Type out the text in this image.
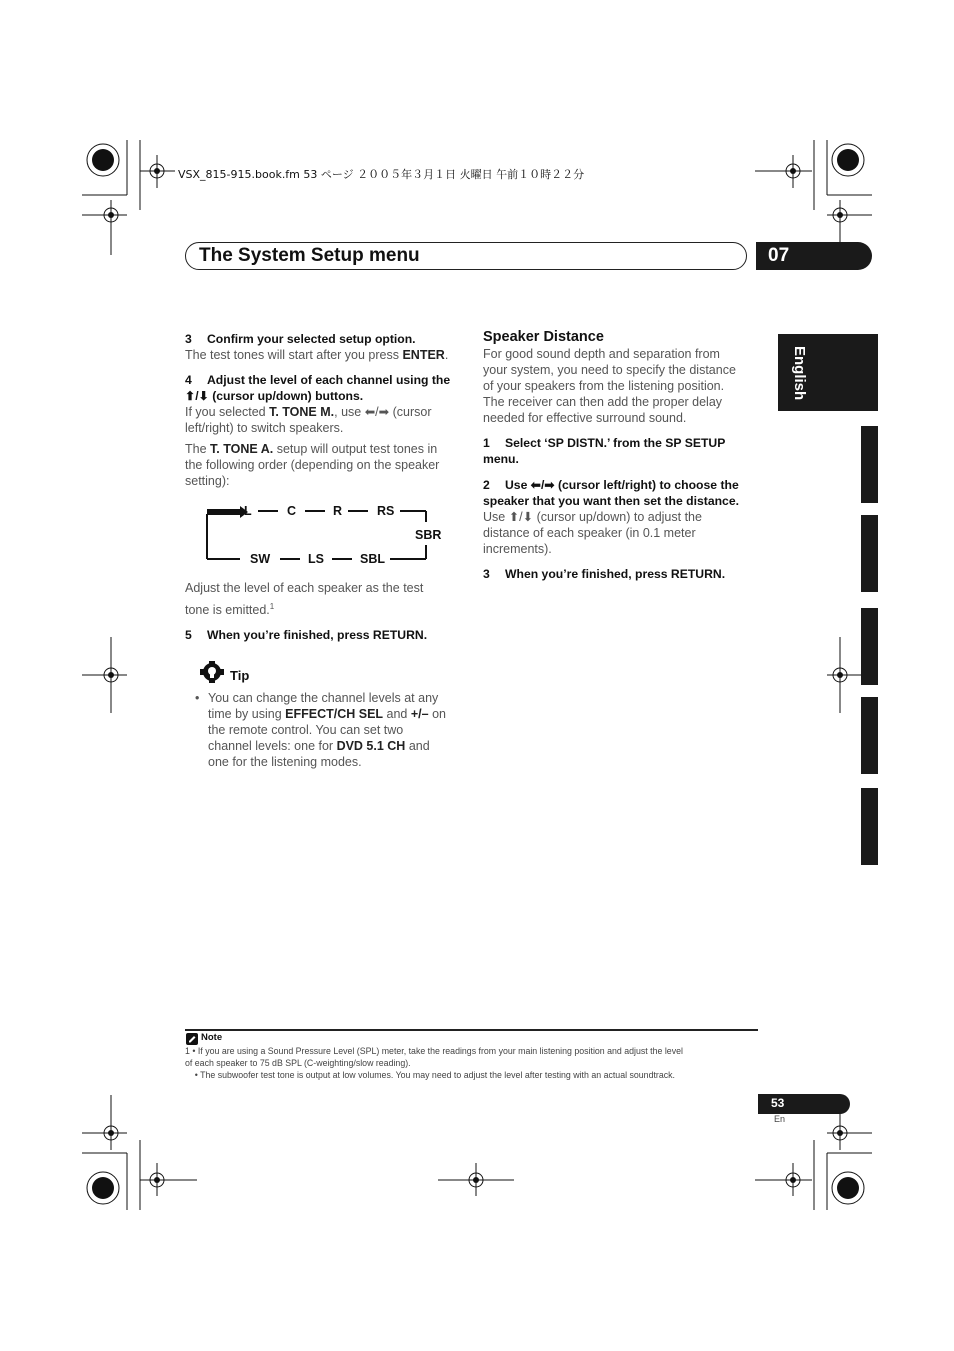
VSX_815-915.book.fm 53 ページ ２００５年３月１日 火曜日 午前１０時２２分
The System Setup menu	07
English
3 Confirm your selected setup option.
The test tones will start after you press ENTER.
4 Adjust the level of each channel using the
⬆/⬇ (cursor up/down) buttons.
If you selected T. TONE M., use ⬅/➡ (cursor
left/right) to switch speakers.
The T. TONE A. setup will output test tones in
the following order (depending on the speaker
setting):
L	C	R	RS
SBR
SW	LS	SBL
Adjust the level of each speaker as the test
tone is emitted.$^1$
5 When you’re finished, press RETURN.
Tip
• You can change the channel levels at any
time by using EFFECT/CH SEL and +/– on
the remote control. You can set two
channel levels: one for DVD 5.1 CH and
one for the listening modes.
Speaker Distance
For good sound depth and separation from
your system, you need to specify the distance
of your speakers from the listening position.
The receiver can then add the proper delay
needed for effective surround sound.
1 Select ‘SP DISTN.’ from the SP SETUP
menu.
2 Use ⬅/➡ (cursor left/right) to choose the
speaker that you want then set the distance.
Use ⬆/⬇ (cursor up/down) to adjust the
distance of each speaker (in 0.1 meter
increments).
3 When you’re finished, press RETURN.
Note
1 • If you are using a Sound Pressure Level (SPL) meter, take the readings from your main listening position and adjust the level
of each speaker to 75 dB SPL (C-weighting/slow reading).
• The subwoofer test tone is output at low volumes. You may need to adjust the level after testing with an actual soundtrack.
53
En
